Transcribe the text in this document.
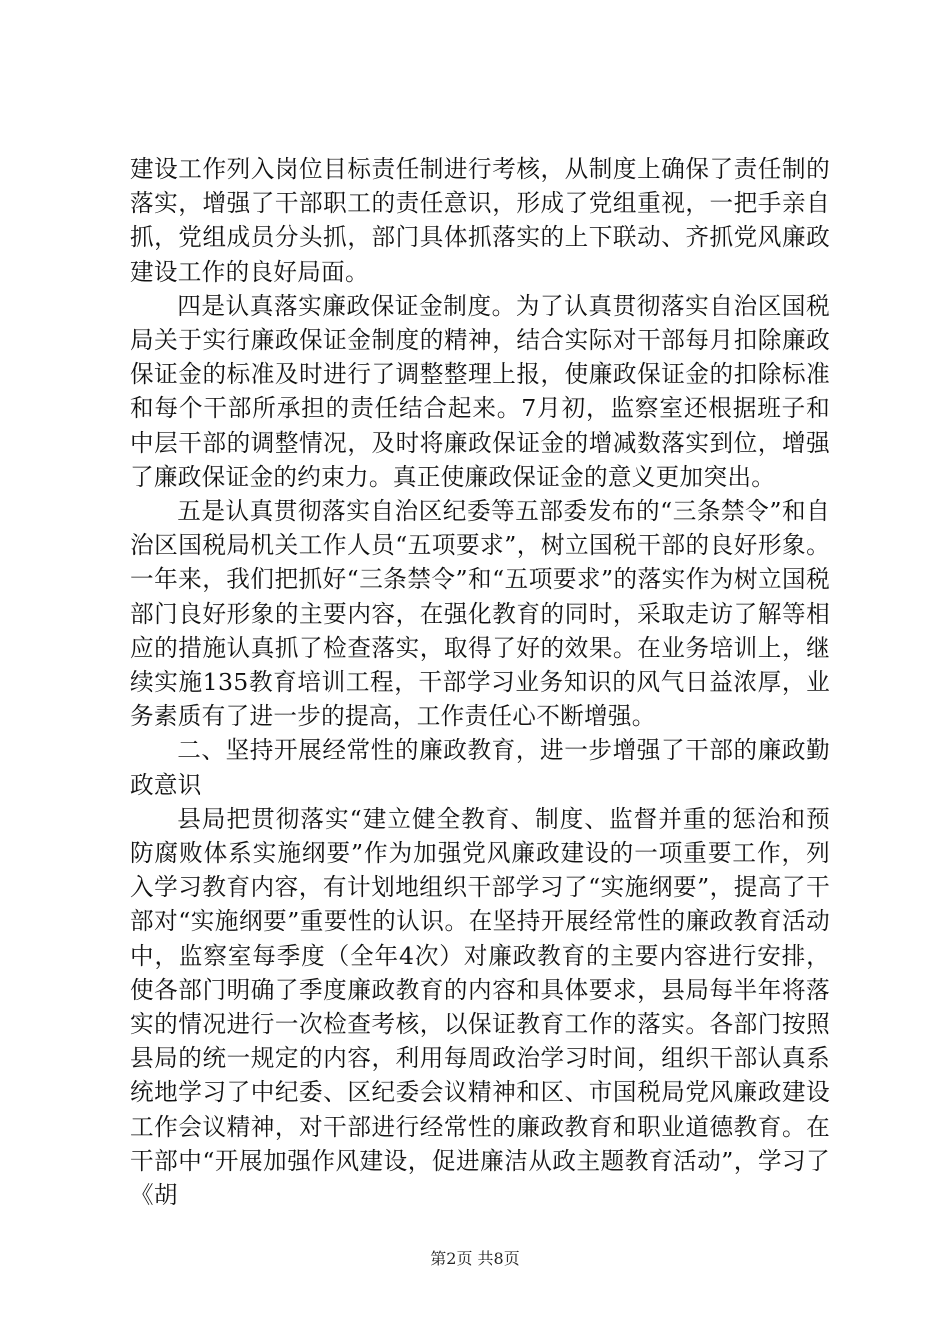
建设工作列入岗位目标责任制进行考核，从制度上确保了责任制的落实，增强了干部职工的责任意识，形成了党组重视，一把手亲自抓，党组成员分头抓，部门具体抓落实的上下联动、齐抓党风廉政建设工作的良好局面。

四是认真落实廉政保证金制度。为了认真贯彻落实自治区国税局关于实行廉政保证金制度的精神，结合实际对干部每月扣除廉政保证金的标准及时进行了调整整理上报，使廉政保证金的扣除标准和每个干部所承担的责任结合起来。7月初，监察室还根据班子和中层干部的调整情况，及时将廉政保证金的增减数落实到位，增强了廉政保证金的约束力。真正使廉政保证金的意义更加突出。

五是认真贯彻落实自治区纪委等五部委发布的“三条禁令”和自治区国税局机关工作人员“五项要求”，树立国税干部的良好形象。一年来，我们把抓好“三条禁令”和“五项要求”的落实作为树立国税部门良好形象的主要内容，在强化教育的同时，采取走访了解等相应的措施认真抓了检查落实，取得了好的效果。在业务培训上，继续实施135教育培训工程，干部学习业务知识的风气日益浓厚，业务素质有了进一步的提高，工作责任心不断增强。

二、坚持开展经常性的廉政教育，进一步增强了干部的廉政勤政意识

县局把贯彻落实“建立健全教育、制度、监督并重的惩治和预防腐败体系实施纲要”作为加强党风廉政建设的一项重要工作，列入学习教育内容，有计划地组织干部学习了“实施纲要”，提高了干部对“实施纲要”重要性的认识。在坚持开展经常性的廉政教育活动中，监察室每季度（全年4次）对廉政教育的主要内容进行安排，使各部门明确了季度廉政教育的内容和具体要求，县局每半年将落实的情况进行一次检查考核，以保证教育工作的落实。各部门按照县局的统一规定的内容，利用每周政治学习时间，组织干部认真系统地学习了中纪委、区纪委会议精神和区、市国税局党风廉政建设工作会议精神，对干部进行经常性的廉政教育和职业道德教育。在干部中“开展加强作风建设，促进廉洁从政主题教育活动”，学习了《胡

第2页 共8页
